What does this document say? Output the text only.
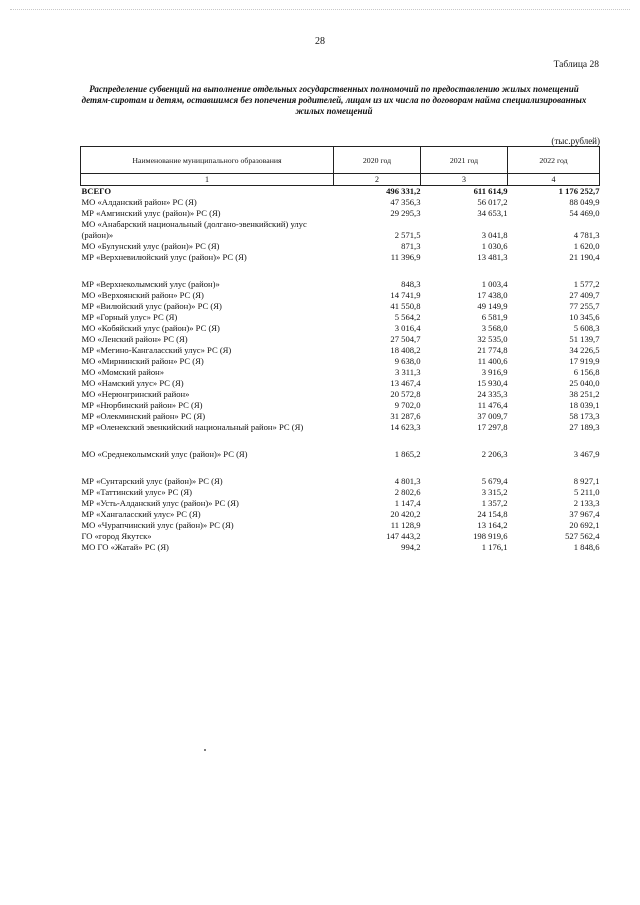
28
Таблица 28
Распределение субвенций на выполнение отдельных государственных полномочий по предоставлению жилых помещений детям-сиротам и детям, оставшимся без попечения родителей, лицам из их числа по договорам найма специализированных жилых помещений
(тыс.рублей)
Наименование муниципального образования	2020 год	2021 год	2022 год
1	2	3	4
ВСЕГО	496 331,2	611 614,9	1 176 252,7
МО «Алданский район» РС (Я)	47 356,3	56 017,2	88 049,9
МР «Амгинский улус (район)» РС (Я)	29 295,3	34 653,1	54 469,0
МО «Анабарский национальный (долгано-эвенкийский) улус (район)»	2 571,5	3 041,8	4 781,3
МО «Булунский улус (район)» РС (Я)	871,3	1 030,6	1 620,0
МР «Верхневилюйский улус (район)» РС (Я)	11 396,9	13 481,3	21 190,4

МР «Верхнеколымский улус (район)»	848,3	1 003,4	1 577,2
МО «Верхоянский район» РС (Я)	14 741,9	17 438,0	27 409,7
МР «Вилюйский улус (район)» РС (Я)	41 550,8	49 149,9	77 255,7
МР «Горный улус» РС (Я)	5 564,2	6 581,9	10 345,6
МО «Кобяйский улус (район)» РС (Я)	3 016,4	3 568,0	5 608,3
МО «Ленский район» РС (Я)	27 504,7	32 535,0	51 139,7
МР «Мегино-Кангаласский улус» РС (Я)	18 408,2	21 774,8	34 226,5
МО «Мирнинский район» РС (Я)	9 638,0	11 400,6	17 919,9
МО «Момский район»	3 311,3	3 916,9	6 156,8
МО «Намский улус» РС (Я)	13 467,4	15 930,4	25 040,0
МО «Нерюнгринский район»	20 572,8	24 335,3	38 251,2
МР «Нюрбинский район» РС (Я)	9 702,0	11 476,4	18 039,1
МР «Олекминский район» РС (Я)	31 287,6	37 009,7	58 173,3
МР «Оленекский эвенкийский национальный район» РС (Я)	14 623,3	17 297,8	27 189,3

МО «Среднеколымский улус (район)» РС (Я)	1 865,2	2 206,3	3 467,9

МР «Сунтарский улус (район)» РС (Я)	4 801,3	5 679,4	8 927,1
МР «Таттинский улус» РС (Я)	2 802,6	3 315,2	5 211,0
МР «Усть-Алданский улус (район)» РС (Я)	1 147,4	1 357,2	2 133,3
МР «Хангаласский улус» РС (Я)	20 420,2	24 154,8	37 967,4
МО «Чурапчинский улус (район)» РС (Я)	11 128,9	13 164,2	20 692,1
ГО «город Якутск»	147 443,2	198 919,6	527 562,4
МО ГО «Жатай» РС (Я)	994,2	1 176,1	1 848,6
